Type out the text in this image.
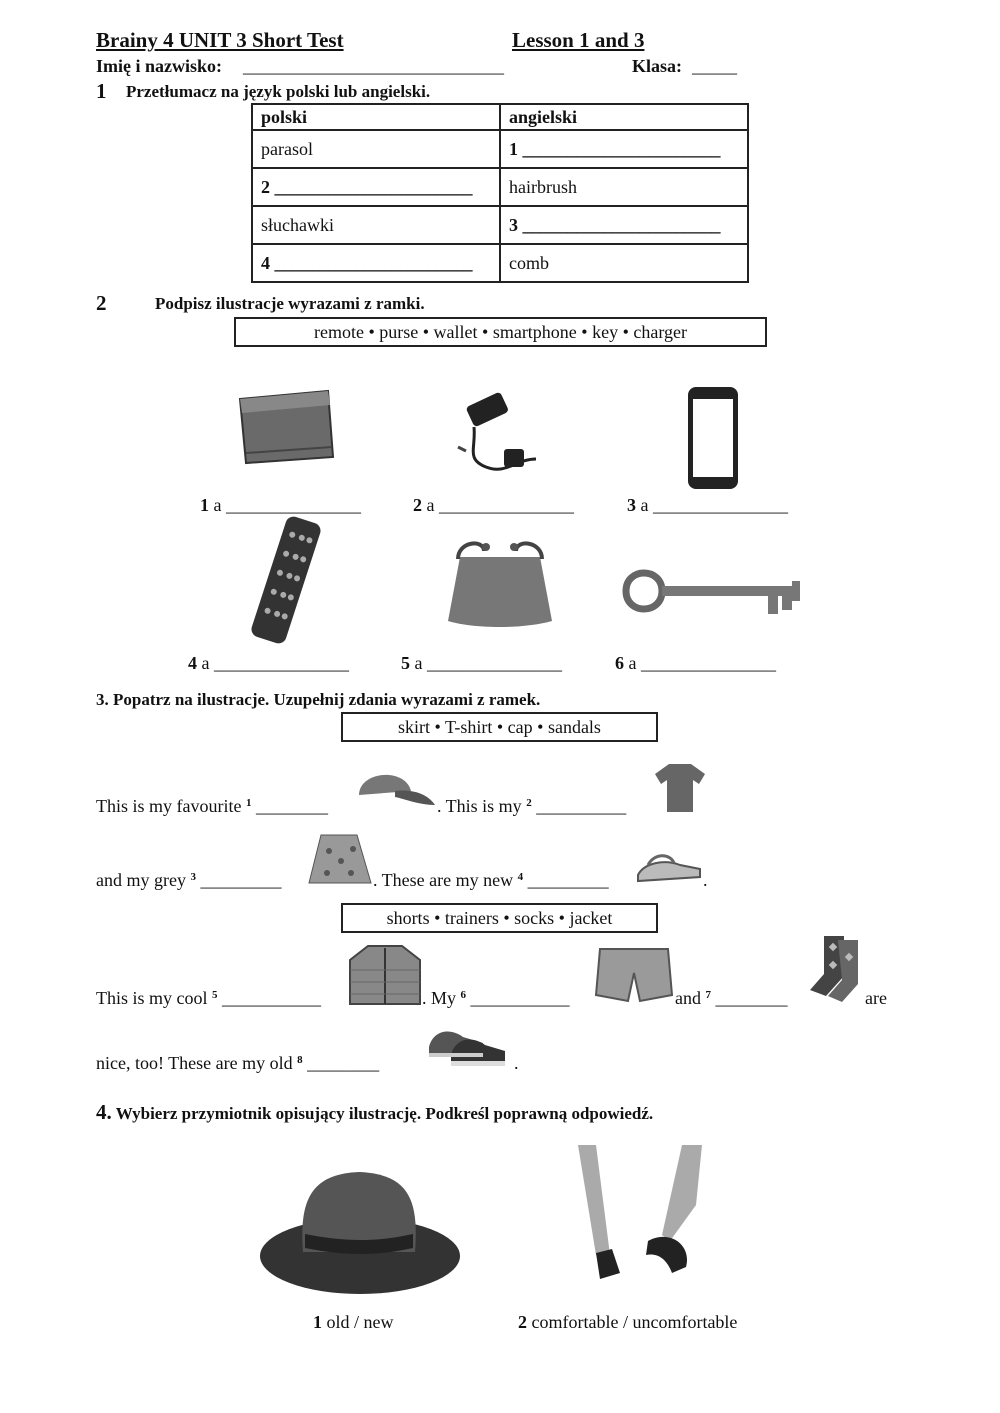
Brainy 4 UNIT 3 Short Test	Lesson 1 and 3
Imię i nazwisko: _____________________________	Klasa: _____
1 Przetłumacz na język polski lub angielski.
polski	angielski
parasol	1 ______________________
2 ______________________	hairbrush
słuchawki	3 ______________________
4 ______________________	comb
2	Podpisz ilustracje wyrazami z ramki.
remote • purse • wallet • smartphone • key • charger
1 a _______________	2 a _______________	3 a _______________
4 a _______________	5 a _______________	6 a _______________
3. Popatrz na ilustracje. Uzupełnij zdania wyrazami z ramek.
skirt • T-shirt • cap • sandals
This is my favourite $^1$ ________	. This is my $^2$ __________
and my grey $^3$ _________	. These are my new $^4$ _________	.
shorts • trainers • socks • jacket
This is my cool $^5$ ___________	. My $^6$ ___________	and $^7$ ________	are
nice, too! These are my old $^8$ ________	.
4. Wybierz przymiotnik opisujący ilustrację. Podkreśl poprawną odpowiedź.
1 old / new	2 comfortable / uncomfortable
